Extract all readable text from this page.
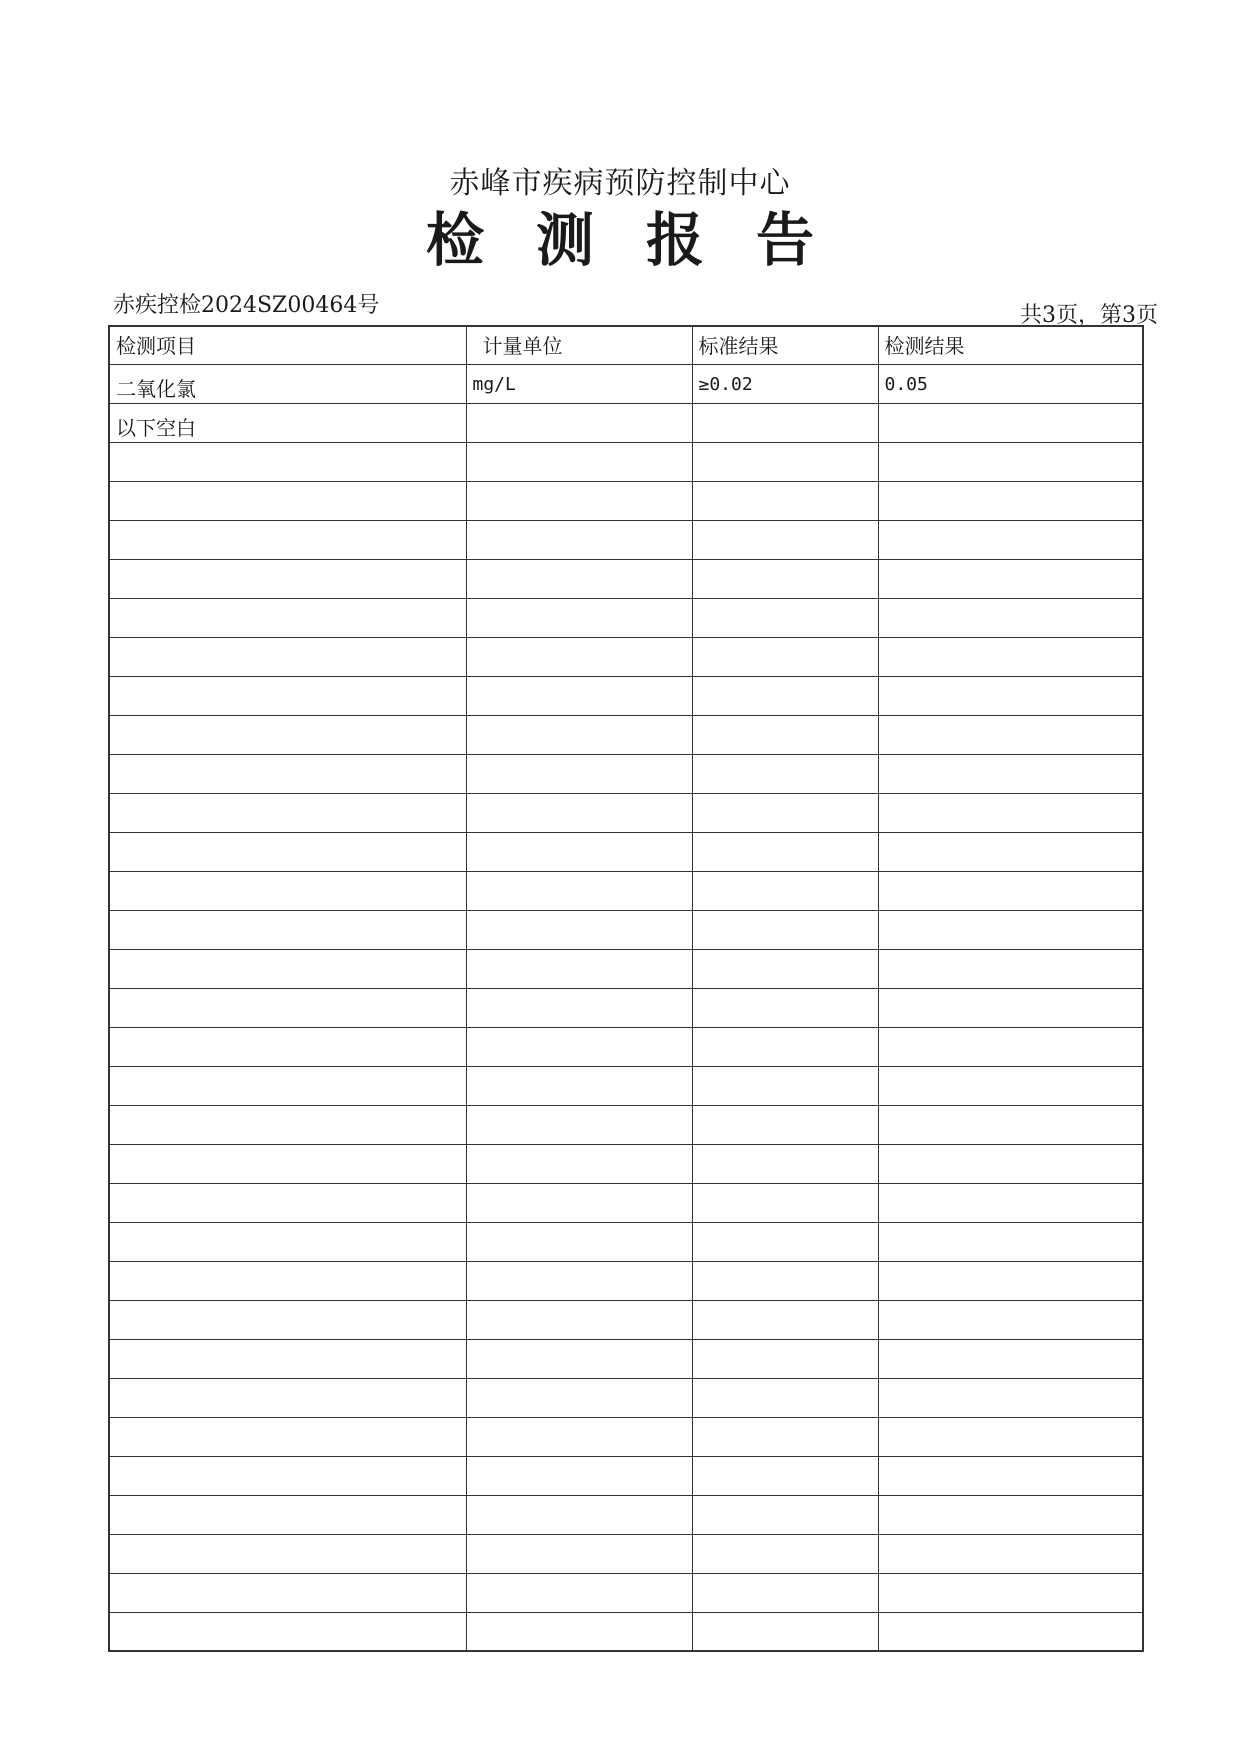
赤峰市疾病预防控制中心
检测报告
赤疾控检2024SZ00464号	共3页，第3页
检测项目	计量单位	标准结果	检测结果
二氧化氯	mg/L	≥0.02	0.05
以下空白			
